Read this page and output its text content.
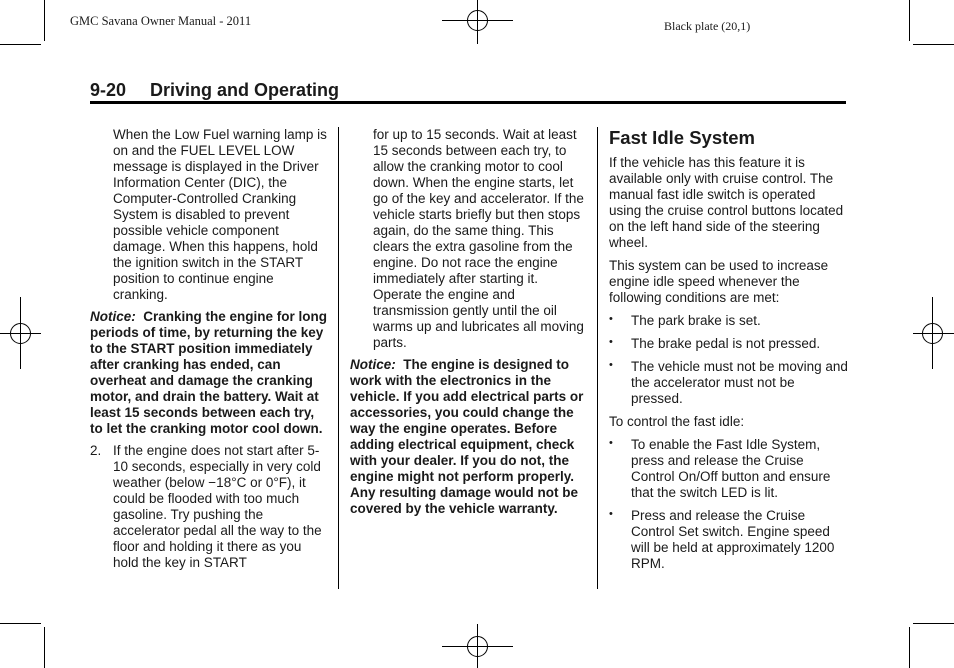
GMC Savana Owner Manual - 2011	Black plate (20,1)
9-20 Driving and Operating

When the Low Fuel warning lamp is on and the FUEL LEVEL LOW message is displayed in the Driver Information Center (DIC), the Computer-Controlled Cranking System is disabled to prevent possible vehicle component damage. When this happens, hold the ignition switch in the START position to continue engine cranking.

Notice: Cranking the engine for long periods of time, by returning the key to the START position immediately after cranking has ended, can overheat and damage the cranking motor, and drain the battery. Wait at least 15 seconds between each try, to let the cranking motor cool down.

2. If the engine does not start after 5-10 seconds, especially in very cold weather (below −18°C or 0°F), it could be flooded with too much gasoline. Try pushing the accelerator pedal all the way to the floor and holding it there as you hold the key in START

for up to 15 seconds. Wait at least 15 seconds between each try, to allow the cranking motor to cool down. When the engine starts, let go of the key and accelerator. If the vehicle starts briefly but then stops again, do the same thing. This clears the extra gasoline from the engine. Do not race the engine immediately after starting it. Operate the engine and transmission gently until the oil warms up and lubricates all moving parts.

Notice: The engine is designed to work with the electronics in the vehicle. If you add electrical parts or accessories, you could change the way the engine operates. Before adding electrical equipment, check with your dealer. If you do not, the engine might not perform properly. Any resulting damage would not be covered by the vehicle warranty.

Fast Idle System

If the vehicle has this feature it is available only with cruise control. The manual fast idle switch is operated using the cruise control buttons located on the left hand side of the steering wheel.

This system can be used to increase engine idle speed whenever the following conditions are met:

•	The park brake is set.
•	The brake pedal is not pressed.
•	The vehicle must not be moving and the accelerator must not be pressed.

To control the fast idle:

•	To enable the Fast Idle System, press and release the Cruise Control On/Off button and ensure that the switch LED is lit.
•	Press and release the Cruise Control Set switch. Engine speed will be held at approximately 1200 RPM.
